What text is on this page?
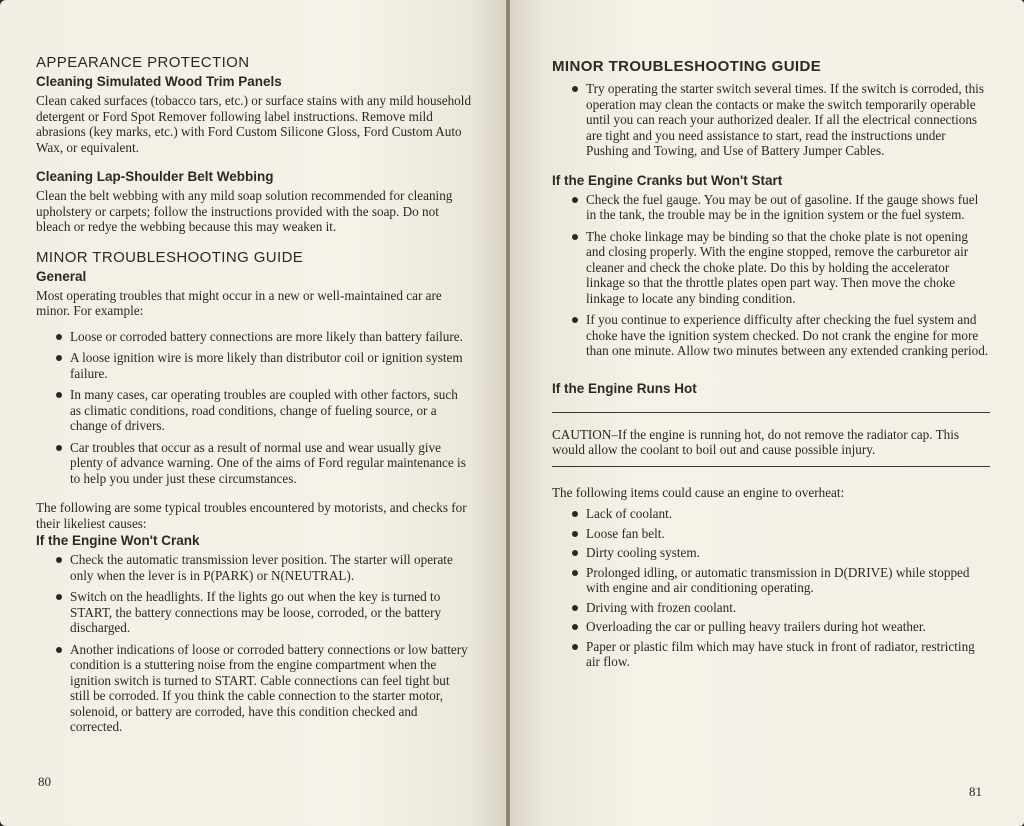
APPEARANCE PROTECTION
Cleaning Simulated Wood Trim Panels

Clean caked surfaces (tobacco tars, etc.) or surface stains with any mild household detergent or Ford Spot Remover following label instructions. Remove mild abrasions (key marks, etc.) with Ford Custom Silicone Gloss, Ford Custom Auto Wax, or equivalent.

Cleaning Lap-Shoulder Belt Webbing

Clean the belt webbing with any mild soap solution recommended for cleaning upholstery or carpets; follow the instructions provided with the soap. Do not bleach or redye the webbing because this may weaken it.

MINOR TROUBLESHOOTING GUIDE
General

Most operating troubles that might occur in a new or well-maintained car are minor. For example:

Loose or corroded battery connections are more likely than battery failure.
A loose ignition wire is more likely than distributor coil or ignition system failure.
In many cases, car operating troubles are coupled with other factors, such as climatic conditions, road conditions, change of fueling source, or a change of drivers.
Car troubles that occur as a result of normal use and wear usually give plenty of advance warning. One of the aims of Ford regular maintenance is to help you under just these circumstances.

The following are some typical troubles encountered by motorists, and checks for their likeliest causes:

If the Engine Won't Crank
Check the automatic transmission lever position. The starter will operate only when the lever is in P(PARK) or N(NEUTRAL).
Switch on the headlights. If the lights go out when the key is turned to START, the battery connections may be loose, corroded, or the battery discharged.
Another indications of loose or corroded battery connections or low battery condition is a stuttering noise from the engine compartment when the ignition switch is turned to START. Cable connections can feel tight but still be corroded. If you think the cable connection to the starter motor, solenoid, or battery are corroded, have this condition checked and corrected.
80
MINOR TROUBLESHOOTING GUIDE
Try operating the starter switch several times. If the switch is corroded, this operation may clean the contacts or make the switch temporarily operable until you can reach your authorized dealer. If all the electrical connections are tight and you need assistance to start, read the instructions under Pushing and Towing, and Use of Battery Jumper Cables.
If the Engine Cranks but Won't Start
Check the fuel gauge. You may be out of gasoline. If the gauge shows fuel in the tank, the trouble may be in the ignition system or the fuel system.
The choke linkage may be binding so that the choke plate is not opening and closing properly. With the engine stopped, remove the carburetor air cleaner and check the choke plate. Do this by holding the accelerator linkage so that the throttle plates open part way. Then move the choke linkage to locate any binding condition.
If you continue to experience difficulty after checking the fuel system and choke have the ignition system checked. Do not crank the engine for more than one minute. Allow two minutes between any extended cranking period.
If the Engine Runs Hot

CAUTION–If the engine is running hot, do not remove the radiator cap. This would allow the coolant to boil out and cause possible injury.

The following items could cause an engine to overheat:

Lack of coolant.
Loose fan belt.
Dirty cooling system.
Prolonged idling, or automatic transmission in D(DRIVE) while stopped with engine and air conditioning operating.
Driving with frozen coolant.
Overloading the car or pulling heavy trailers during hot weather.
Paper or plastic film which may have stuck in front of radiator, restricting air flow.
81
